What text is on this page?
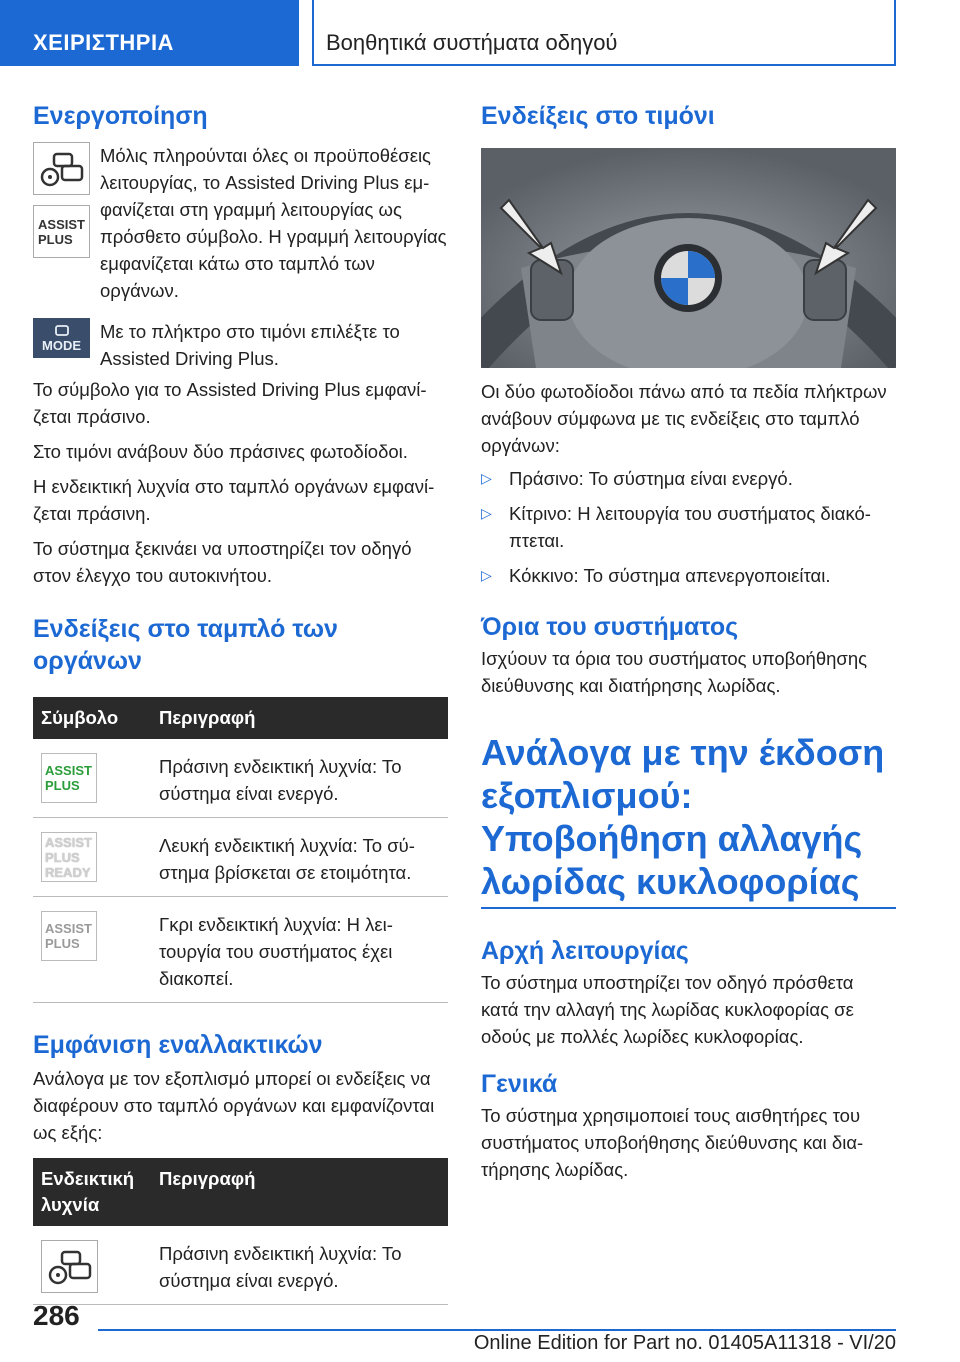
ΧΕΙΡΙΣΤΗΡΙΑ	Βοηθητικά συστήματα οδηγού
Ενεργοποίηση
ASSIST
PLUS

Μόλις πληρούνται όλες οι προϋποθέσεις λειτουργίας, το Assisted Driving Plus εμφανίζεται στη γραμμή λειτουργίας ως πρόσθετο σύμβολο. Η γραμμή λειτουργίας εμφανίζεται κάτω στο ταμπλό των οργάνων.

MODE

Με το πλήκτρο στο τιμόνι επιλέξτε το Assisted Driving Plus.

Το σύμβολο για το Assisted Driving Plus εμφανίζεται πράσινο.

Στο τιμόνι ανάβουν δύο πράσινες φωτοδίοδοι.

Η ενδεικτική λυχνία στο ταμπλό οργάνων εμφανίζεται πράσινη.

Το σύστημα ξεκινάει να υποστηρίζει τον οδηγό στον έλεγχο του αυτοκινήτου.

Ενδείξεις στο ταμπλό των οργάνων
Σύμβολο	Περιγραφή

ASSIST
PLUS	Πράσινη ενδεικτική λυχνία: Το σύστημα είναι ενεργό.

ASSIST
PLUS
READY	Λευκή ενδεικτική λυχνία: Το σύστημα βρίσκεται σε ετοιμότητα.

ASSIST
PLUS	Γκρι ενδεικτική λυχνία: Η λειτουργία του συστήματος έχει διακοπεί.
Εμφάνιση εναλλακτικών

Ανάλογα με τον εξοπλισμό μπορεί οι ενδείξεις να διαφέρουν στο ταμπλό οργάνων και εμφανίζονται ως εξής:

Ενδεικτική λυχνία	Περιγραφή

	Πράσινη ενδεικτική λυχνία: Το σύστημα είναι ενεργό.
Ενδείξεις στο τιμόνι

Οι δύο φωτοδίοδοι πάνω από τα πεδία πλήκτρων ανάβουν σύμφωνα με τις ενδείξεις στο ταμπλό οργάνων:

▷ Πράσινο: Το σύστημα είναι ενεργό.
▷ Κίτρινο: Η λειτουργία του συστήματος διακόπτεται.
▷ Κόκκινο: Το σύστημα απενεργοποιείται.
Όρια του συστήματος

Ισχύουν τα όρια του συστήματος υποβοήθησης διεύθυνσης και διατήρησης λωρίδας.

Ανάλογα με την έκδοση εξοπλισμού: Υποβοήθηση αλλαγής λωρίδας κυκλοφορίας
Αρχή λειτουργίας

Το σύστημα υποστηρίζει τον οδηγό πρόσθετα κατά την αλλαγή της λωρίδας κυκλοφορίας σε οδούς με πολλές λωρίδες κυκλοφορίας.

Γενικά

Το σύστημα χρησιμοποιεί τους αισθητήρες του συστήματος υποβοήθησης διεύθυνσης και διατήρησης λωρίδας.

286
Online Edition for Part no. 01405A11318 - VI/20
